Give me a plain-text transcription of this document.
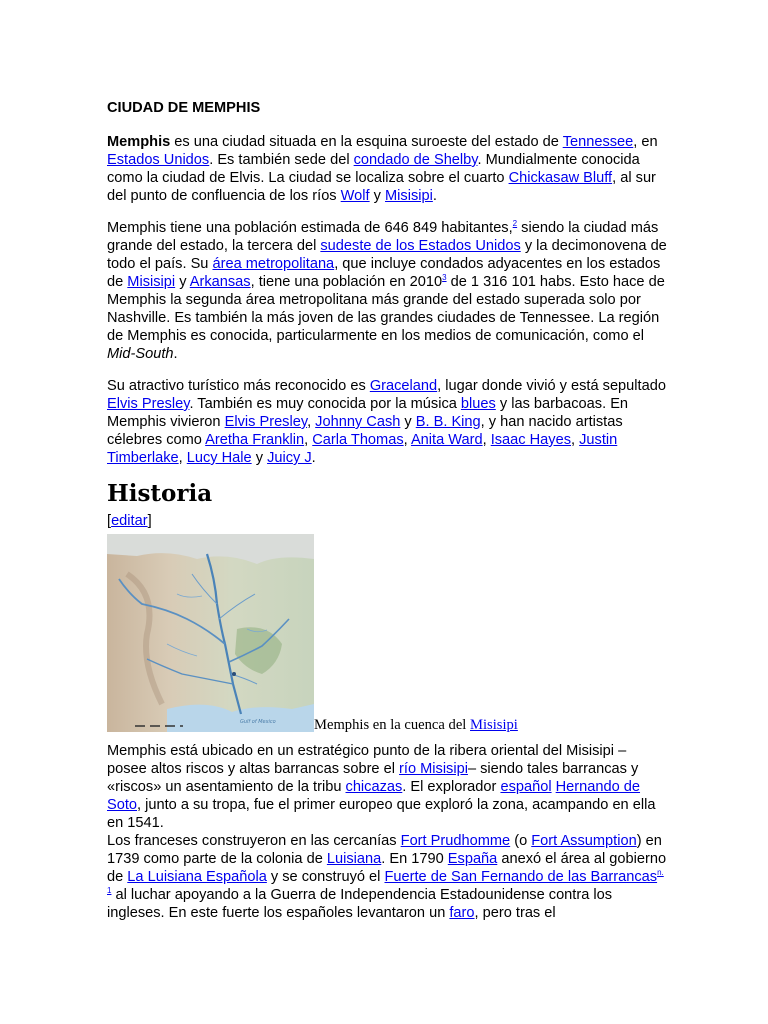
CIUDAD DE MEMPHIS

Memphis es una ciudad situada en la esquina suroeste del estado de Tennessee, en Estados Unidos. Es también sede del condado de Shelby. Mundialmente conocida como la ciudad de Elvis. La ciudad se localiza sobre el cuarto Chickasaw Bluff, al sur del punto de confluencia de los ríos Wolf y Misisipi.

Memphis tiene una población estimada de 646 849 habitantes,$^2$ siendo la ciudad más grande del estado, la tercera del sudeste de los Estados Unidos y la decimonovena de todo el país. Su área metropolitana, que incluye condados adyacentes en los estados de Misisipi y Arkansas, tiene una población en 2010$^3$ de 1 316 101 habs. Esto hace de Memphis la segunda área metropolitana más grande del estado superada solo por Nashville. Es también la más joven de las grandes ciudades de Tennessee. La región de Memphis es conocida, particularmente en los medios de comunicación, como el Mid-South.

Su atractivo turístico más reconocido es Graceland, lugar donde vivió y está sepultado Elvis Presley. También es muy conocida por la música blues y las barbacoas. En Memphis vivieron Elvis Presley, Johnny Cash y B. B. King, y han nacido artistas célebres como Aretha Franklin, Carla Thomas, Anita Ward, Isaac Hayes, Justin Timberlake, Lucy Hale y Juicy J.

Historia
[editar]
Gulf of Mexico	Memphis en la cuenca del Misisipi

Memphis está ubicado en un estratégico punto de la ribera oriental del Misisipi – posee altos riscos y altas barrancas sobre el río Misisipi– siendo tales barrancas y «riscos» un asentamiento de la tribu chicazas. El explorador español Hernando de Soto, junto a su tropa, fue el primer europeo que exploró la zona, acampando en ella en 1541.
Los franceses construyeron en las cercanías Fort Prudhomme (o Fort Assumption) en 1739 como parte de la colonia de Luisiana. En 1790 España anexó el área al gobierno de La Luisiana Española y se construyó el Fuerte de San Fernando de las Barrancas$^{n. 1}$ al luchar apoyando a la Guerra de Independencia Estadounidense contra los ingleses. En este fuerte los españoles levantaron un faro, pero tras el
